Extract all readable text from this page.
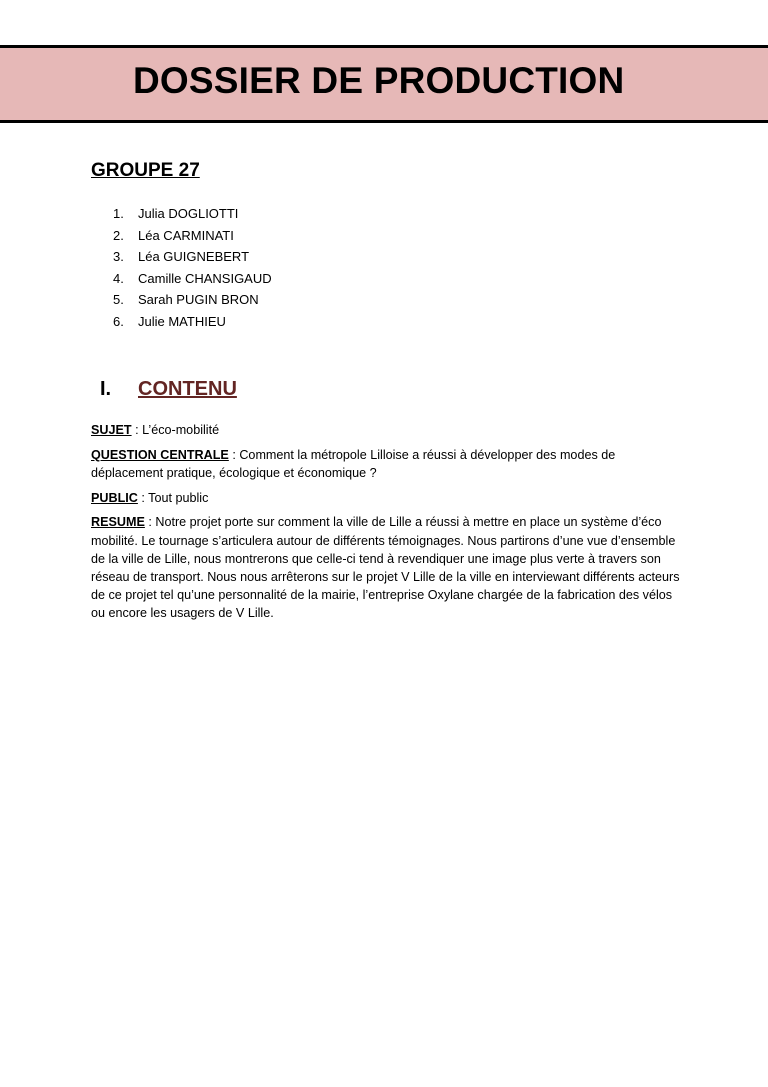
DOSSIER DE PRODUCTION
GROUPE 27
1.	Julia DOGLIOTTI
2.	Léa CARMINATI
3.	Léa GUIGNEBERT
4.	Camille CHANSIGAUD
5.	Sarah PUGIN BRON
6.	Julie MATHIEU
I. CONTENU

SUJET : L’éco-mobilité

QUESTION CENTRALE : Comment la métropole Lilloise a réussi à développer des modes de déplacement pratique, écologique et économique ?

PUBLIC : Tout public

RESUME : Notre projet porte sur comment la ville de Lille a réussi à mettre en place un système d’éco mobilité. Le tournage s’articulera autour de différents témoignages. Nous partirons d’une vue d’ensemble de la ville de Lille, nous montrerons que celle-ci tend à revendiquer une image plus verte à travers son réseau de transport. Nous nous arrêterons sur le projet V Lille de la ville en interviewant différents acteurs de ce projet tel qu’une personnalité de la mairie, l’entreprise Oxylane chargée de la fabrication des vélos ou encore les usagers de V Lille.
